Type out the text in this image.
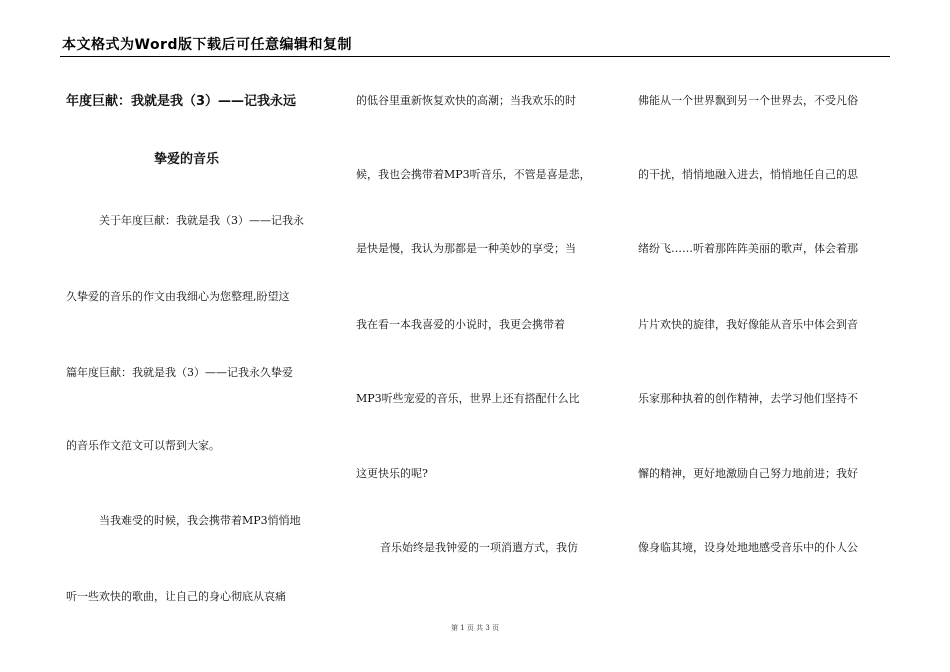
本文格式为Word版下载后可任意编辑和复制
年度巨献：我就是我（3）——记我永远
挚爱的音乐
关于年度巨献：我就是我（3）——记我永
久挚爱的音乐的作文由我细心为您整理,盼望这
篇年度巨献：我就是我（3）——记我永久挚爱
的音乐作文范文可以帮到大家。
当我难受的时候，我会携带着MP3悄悄地
听一些欢快的歌曲，让自己的身心彻底从哀痛
的低谷里重新恢复欢快的高潮；当我欢乐的时
候，我也会携带着MP3听音乐，不管是喜是悲，
是快是慢，我认为那都是一种美妙的享受；当
我在看一本我喜爱的小说时，我更会携带着
MP3听些宠爱的音乐，世界上还有搭配什么比
这更快乐的呢?
音乐始终是我钟爱的一项消遣方式，我仿
佛能从一个世界飘到另一个世界去，不受凡俗
的干扰，悄悄地融入进去，悄悄地任自己的思
绪纷飞……听着那阵阵美丽的歌声，体会着那
片片欢快的旋律，我好像能从音乐中体会到音
乐家那种执着的创作精神，去学习他们坚持不
懈的精神，更好地激励自己努力地前进；我好
像身临其境，设身处地地感受音乐中的仆人公
第 1 页 共 3 页
